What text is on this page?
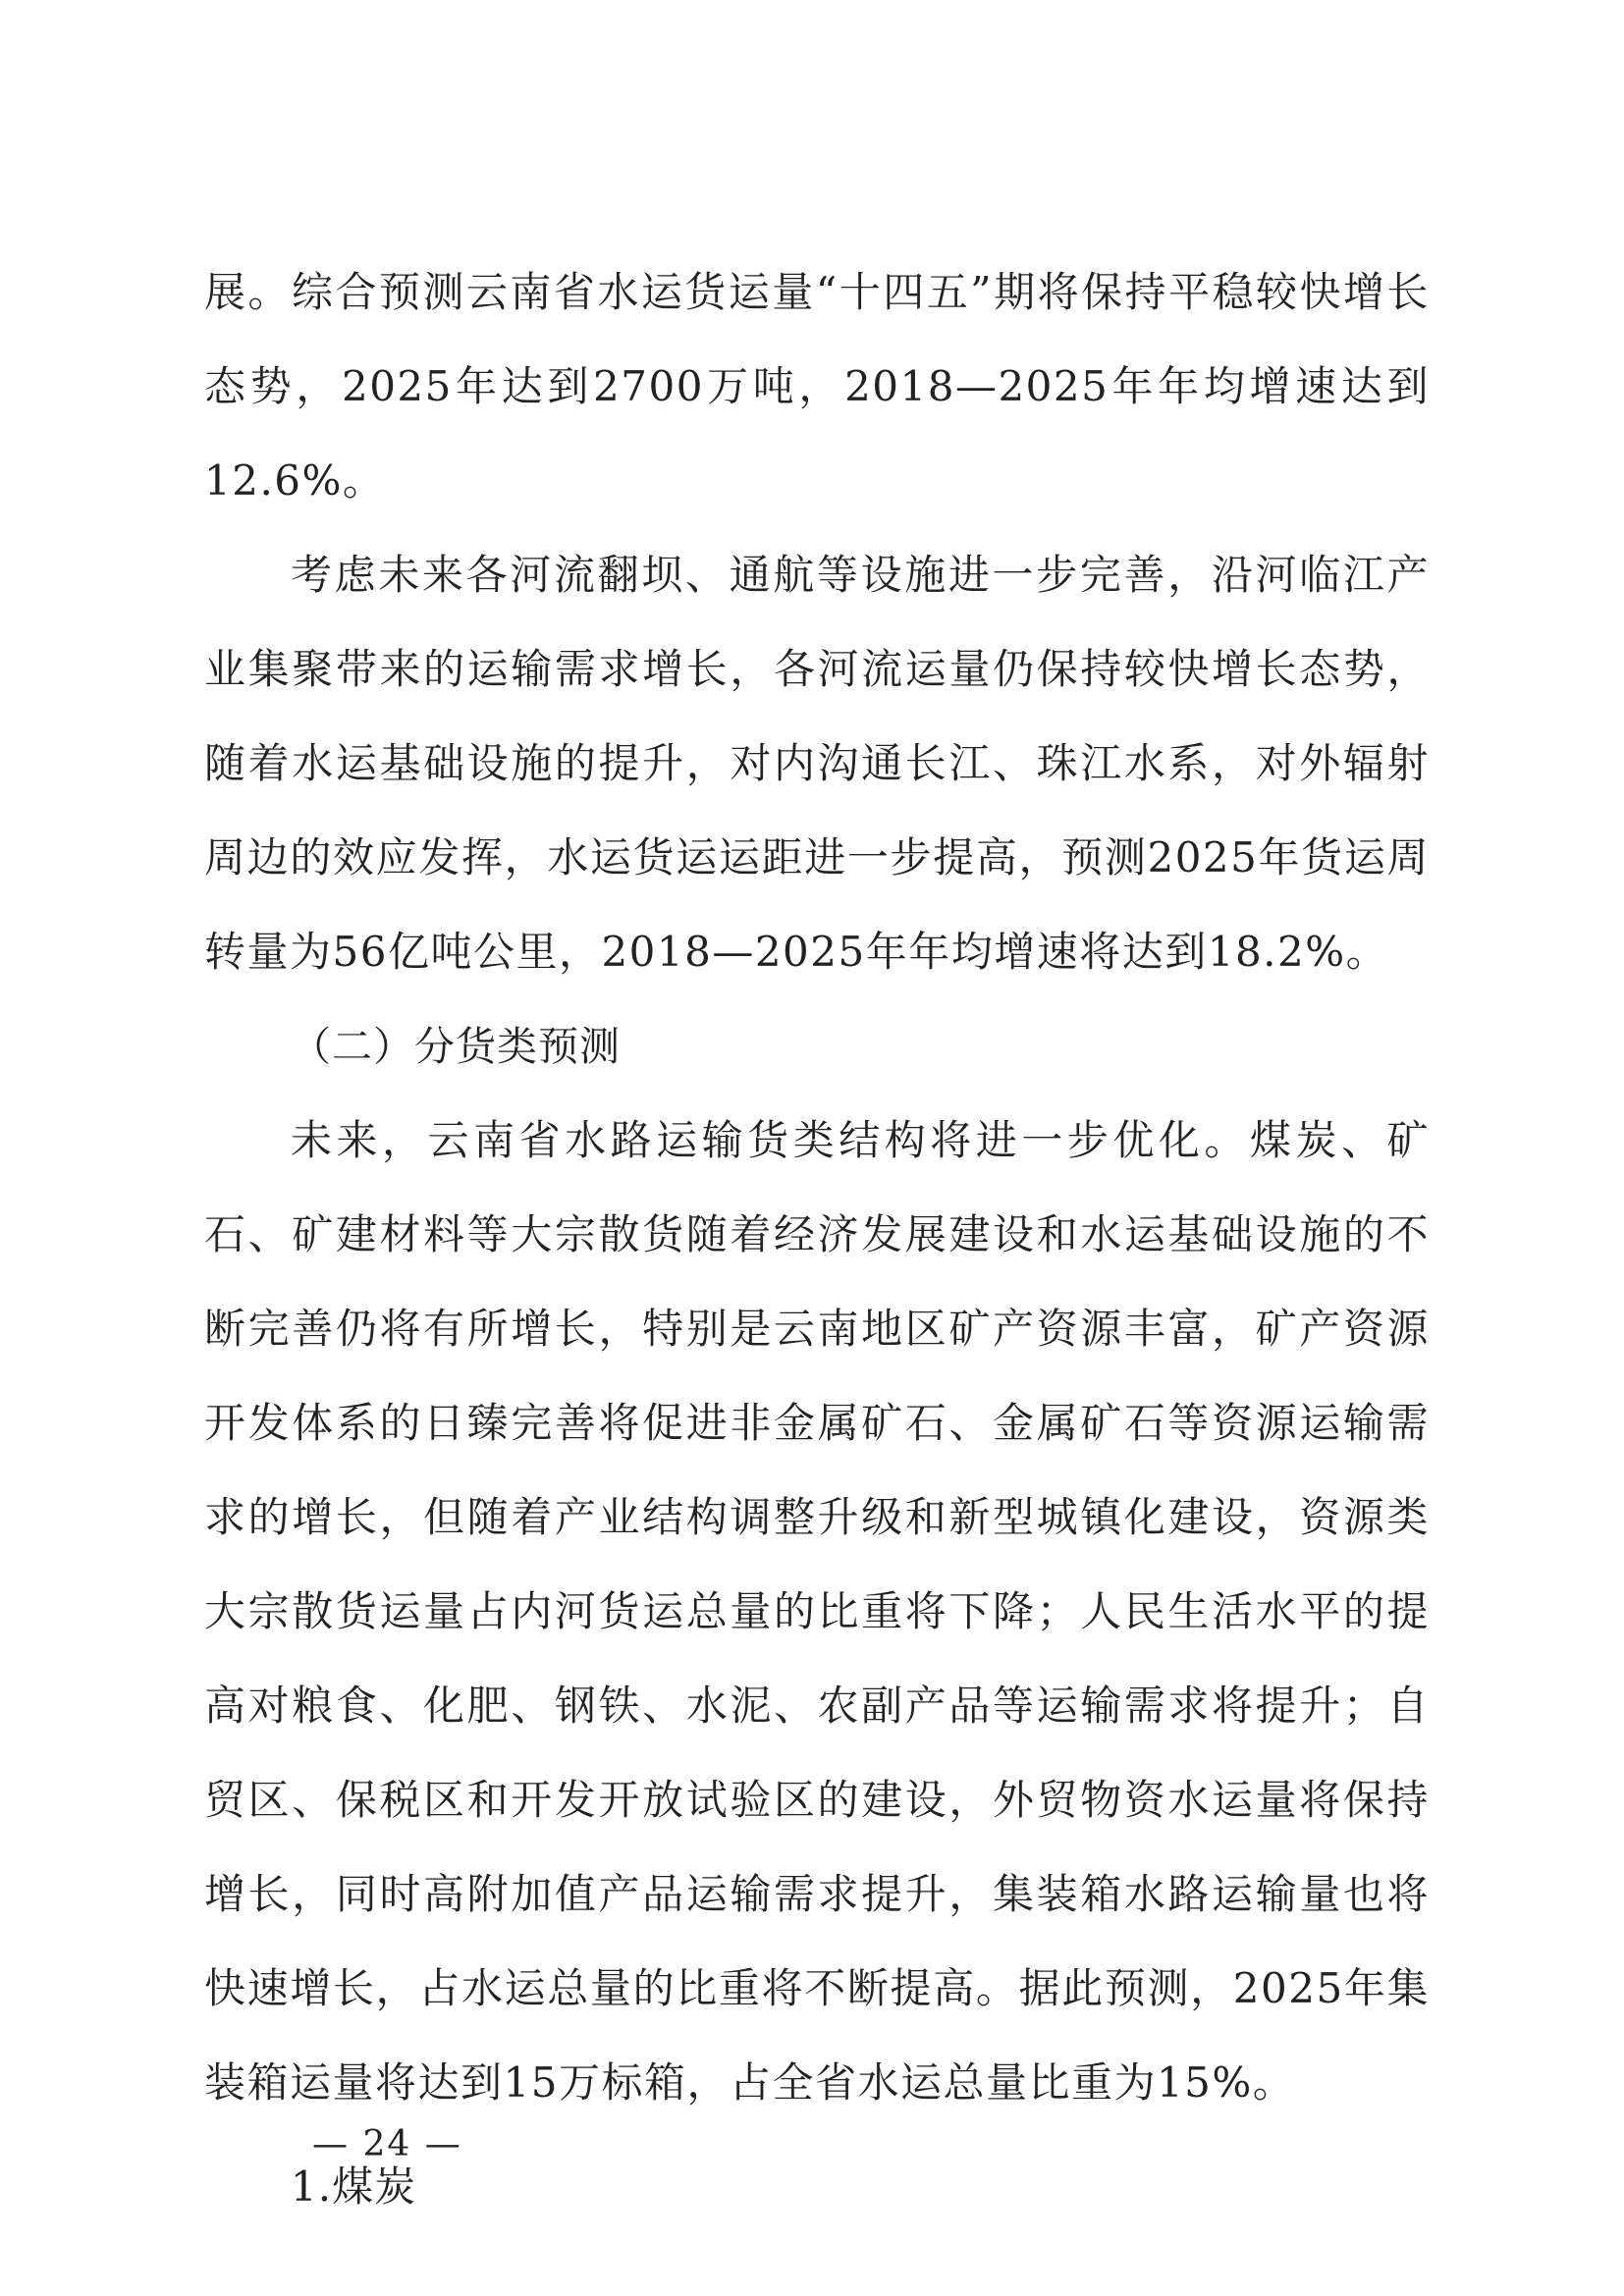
展。综合预测云南省水运货运量“十四五”期将保持平稳较快增长态势，2025年达到2700万吨，2018—2025年年均增速达到12.6%。

考虑未来各河流翻坝、通航等设施进一步完善，沿河临江产业集聚带来的运输需求增长，各河流运量仍保持较快增长态势，随着水运基础设施的提升，对内沟通长江、珠江水系，对外辐射周边的效应发挥，水运货运运距进一步提高，预测2025年货运周转量为56亿吨公里，2018—2025年年均增速将达到18.2%。

（二）分货类预测

未来，云南省水路运输货类结构将进一步优化。煤炭、矿石、矿建材料等大宗散货随着经济发展建设和水运基础设施的不断完善仍将有所增长，特别是云南地区矿产资源丰富，矿产资源开发体系的日臻完善将促进非金属矿石、金属矿石等资源运输需求的增长，但随着产业结构调整升级和新型城镇化建设，资源类大宗散货运量占内河货运总量的比重将下降；人民生活水平的提高对粮食、化肥、钢铁、水泥、农副产品等运输需求将提升；自贸区、保税区和开发开放试验区的建设，外贸物资水运量将保持增长，同时高附加值产品运输需求提升，集装箱水路运输量也将快速增长，占水运总量的比重将不断提高。据此预测，2025年集装箱运量将达到15万标箱，占全省水运总量比重为15%。

1.煤炭

— 24 —
